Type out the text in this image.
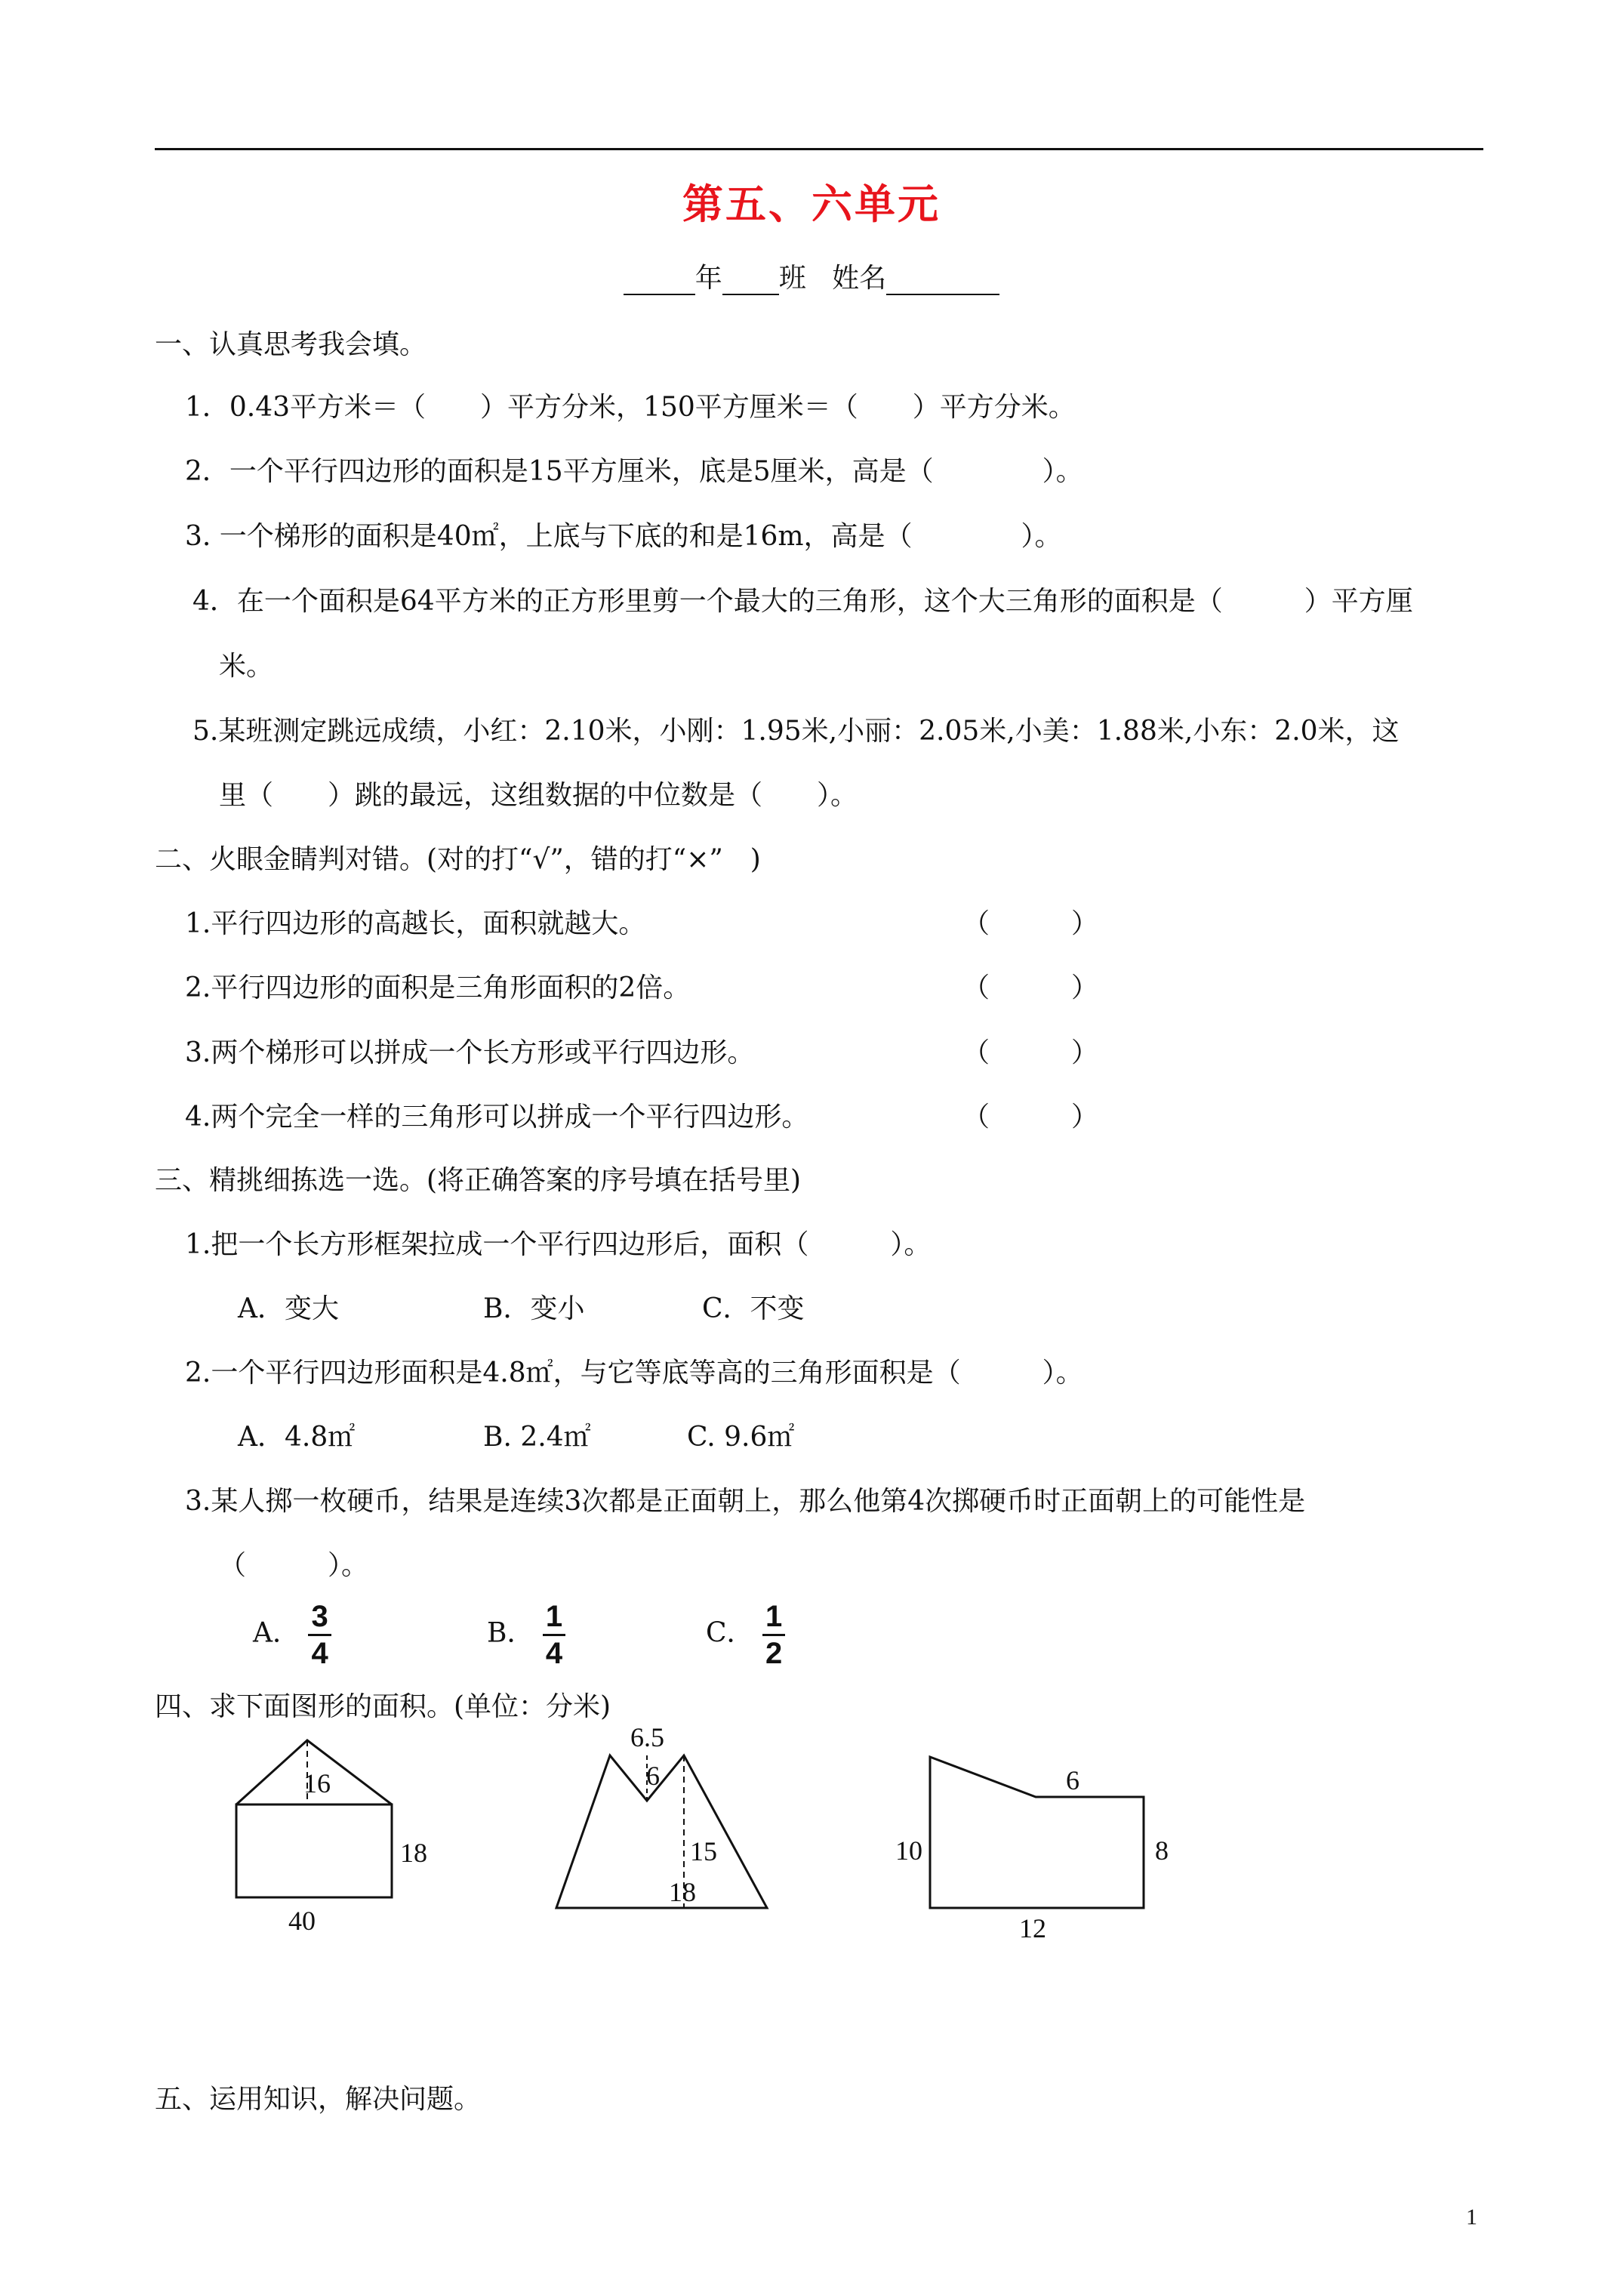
第五、六单元
年 班 姓名
一、认真思考我会填。
1．0.43平方米＝（　　）平方分米，150平方厘米＝（　　）平方分米。
2．一个平行四边形的面积是15平方厘米，底是5厘米，高是（　　　　）。
3. 一个梯形的面积是40㎡，上底与下底的和是16m，高是（　　　　）。
4．在一个面积是64平方米的正方形里剪一个最大的三角形，这个大三角形的面积是（　　　）平方厘
米。
5.某班测定跳远成绩，小红：2.10米，小刚：1.95米,小丽：2.05米,小美：1.88米,小东：2.0米，这
里（　　）跳的最远，这组数据的中位数是（　　）。
二、火眼金睛判对错。(对的打“√”，错的打“×”　)
1.平行四边形的高越长，面积就越大。	（　　　）
2.平行四边形的面积是三角形面积的2倍。	（　　　）
3.两个梯形可以拼成一个长方形或平行四边形。	（　　　）
4.两个完全一样的三角形可以拼成一个平行四边形。	（　　　）
三、精挑细拣选一选。(将正确答案的序号填在括号里)
1.把一个长方形框架拉成一个平行四边形后，面积（　　　）。
A．变大	B．变小	C．不变
2.一个平行四边形面积是4.8㎡，与它等底等高的三角形面积是（　　　）。
A．4.8㎡	B. 2.4㎡	C. 9.6㎡
3.某人掷一枚硬币，结果是连续3次都是正面朝上，那么他第4次掷硬币时正面朝上的可能性是
（　　　）。
A． $\frac{3}{4}$	B． $\frac{1}{4}$	C． $\frac{1}{2}$
四、求下面图形的面积。(单位：分米)
16
18
40
6.5
6
15
18
6
10	8
12
五、运用知识，解决问题。
1
